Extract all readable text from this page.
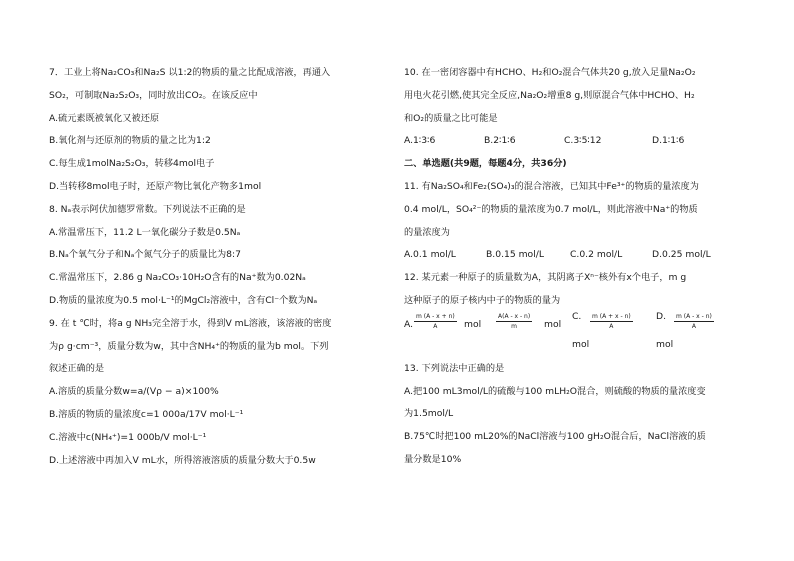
7．工业上将Na₂CO₃和Na₂S 以1:2的物质的量之比配成溶液，再通入
SO₂，可制取Na₂S₂O₃，同时放出CO₂。在该反应中
A.硫元素既被氧化又被还原
B.氧化剂与还原剂的物质的量之比为1:2
C.每生成1molNa₂S₂O₃，转移4mol电子
D.当转移8mol电子时，还原产物比氧化产物多1mol
8. Nₐ表示阿伏加德罗常数。下列说法不正确的是
A.常温常压下，11.2 L一氧化碳分子数是0.5Nₐ
B.Nₐ个氧气分子和Nₐ个氮气分子的质量比为8:7
C.常温常压下，2.86 g Na₂CO₃·10H₂O含有的Na⁺数为0.02Nₐ
D.物质的量浓度为0.5 mol·L⁻¹的MgCl₂溶液中，含有Cl⁻个数为Nₐ
9. 在 t ℃时，将a g NH₃完全溶于水，得到V mL溶液，该溶液的密度
为ρ g·cm⁻³，质量分数为w，其中含NH₄⁺的物质的量为b mol。下列
叙述正确的是
A.溶质的质量分数w=a/(Vρ − a)×100%
B.溶质的物质的量浓度c=1 000a/17V mol·L⁻¹
C.溶液中c(NH₄⁺)=1 000b/V mol·L⁻¹
D.上述溶液中再加入V mL水，所得溶液溶质的质量分数大于0.5w
10. 在一密闭容器中有HCHO、H₂和O₂混合气体共20 g,放入足量Na₂O₂
用电火花引燃,使其完全反应,Na₂O₂增重8 g,则原混合气体中HCHO、H₂
和O₂的质量之比可能是
A.1∶3∶6	B.2∶1∶6	C.3∶5∶12	D.1∶1∶6
二、单选题(共9题，每题4分，共36分)
11. 有Na₂SO₄和Fe₂(SO₄)₃的混合溶液，已知其中Fe³⁺的物质的量浓度为
0.4 mol/L，SO₄²⁻的物质的量浓度为0.7 mol/L，则此溶液中Na⁺的物质
的量浓度为
A.0.1 mol/L	B.0.15 mol/L	C.0.2 mol/L	D.0.25 mol/L
12. 某元素一种原子的质量数为A，其阴离子Xⁿ⁻核外有x个电子，m g
这种原子的原子核内中子的物质的量为
A. $\frac{m (A - x + n)}{A}$ mol $\frac{A(A - x - n)}{m}$ mol
C. $\frac{m (A + x - n)}{A}$
mol
D. $\frac{m (A - x - n)}{A}$
mol
13. 下列说法中正确的是
A.把100 mL3mol/L的硫酸与100 mLH₂O混合，则硫酸的物质的量浓度变
为1.5mol/L
B.75℃时把100 mL20%的NaCl溶液与100 gH₂O混合后，NaCl溶液的质
量分数是10%
